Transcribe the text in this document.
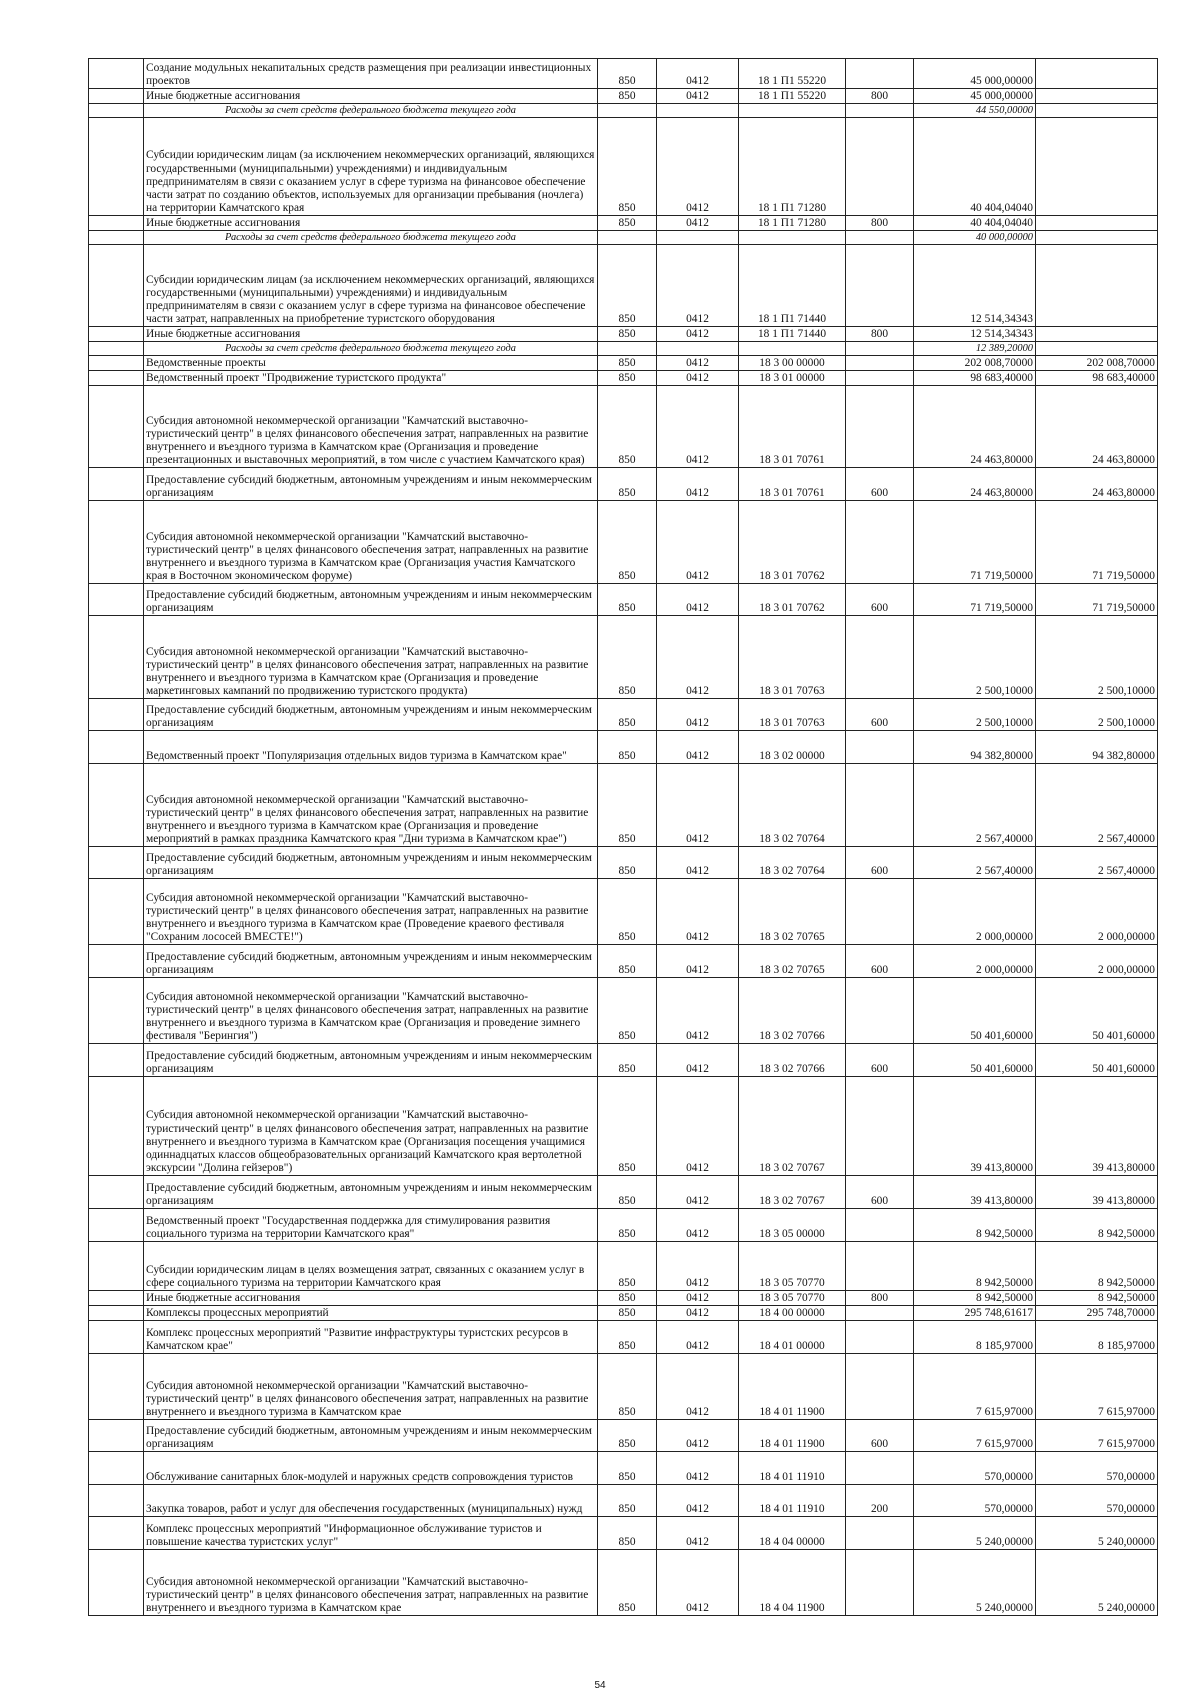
	Создание модульных некапитальных средств размещения при реализации инвестиционных проектов	850	0412	18 1 П1 55220		45 000,00000	
	Иные бюджетные ассигнования	850	0412	18 1 П1 55220	800	45 000,00000	
	Расходы за счет средств федерального бюджета текущего года					44 550,00000	
	Субсидии юридическим лицам (за исключением некоммерческих организаций, являющихся государственными (муниципальными) учреждениями) и индивидуальным предпринимателям в связи с оказанием услуг в сфере туризма на финансовое обеспечение части затрат по созданию объектов, используемых для организации пребывания (ночлега) на территории Камчатского края	850	0412	18 1 П1 71280		40 404,04040	
	Иные бюджетные ассигнования	850	0412	18 1 П1 71280	800	40 404,04040	
	Расходы за счет средств федерального бюджета текущего года					40 000,00000	
	Субсидии юридическим лицам (за исключением некоммерческих организаций, являющихся государственными (муниципальными) учреждениями) и индивидуальным предпринимателям в связи с оказанием услуг в сфере туризма на финансовое обеспечение части затрат, направленных на приобретение туристского оборудования	850	0412	18 1 П1 71440		12 514,34343	
	Иные бюджетные ассигнования	850	0412	18 1 П1 71440	800	12 514,34343	
	Расходы за счет средств федерального бюджета текущего года					12 389,20000	
	Ведомственные проекты	850	0412	18 3 00 00000		202 008,70000	202 008,70000
	Ведомственный проект "Продвижение туристского продукта"	850	0412	18 3 01 00000		98 683,40000	98 683,40000
	Субсидия автономной некоммерческой организации "Камчатский выставочно-туристический центр" в целях финансового обеспечения затрат, направленных на развитие внутреннего и въездного туризма в Камчатском крае (Организация и проведение презентационных и выставочных мероприятий, в том числе с участием Камчатского края)	850	0412	18 3 01 70761		24 463,80000	24 463,80000
	Предоставление субсидий бюджетным, автономным учреждениям и иным некоммерческим организациям	850	0412	18 3 01 70761	600	24 463,80000	24 463,80000
	Субсидия автономной некоммерческой организации "Камчатский выставочно-туристический центр" в целях финансового обеспечения затрат, направленных на развитие внутреннего и въездного туризма в Камчатском крае (Организация участия Камчатского края в Восточном экономическом форуме)	850	0412	18 3 01 70762		71 719,50000	71 719,50000
	Предоставление субсидий бюджетным, автономным учреждениям и иным некоммерческим организациям	850	0412	18 3 01 70762	600	71 719,50000	71 719,50000
	Субсидия автономной некоммерческой организации "Камчатский выставочно-туристический центр" в целях финансового обеспечения затрат, направленных на развитие внутреннего и въездного туризма в Камчатском крае (Организация и проведение маркетинговых кампаний по продвижению туристского продукта)	850	0412	18 3 01 70763		2 500,10000	2 500,10000
	Предоставление субсидий бюджетным, автономным учреждениям и иным некоммерческим организациям	850	0412	18 3 01 70763	600	2 500,10000	2 500,10000
	Ведомственный проект "Популяризация отдельных видов туризма в Камчатском крае"	850	0412	18 3 02 00000		94 382,80000	94 382,80000
	Субсидия автономной некоммерческой организации "Камчатский выставочно-туристический центр" в целях финансового обеспечения затрат, направленных на развитие внутреннего и въездного туризма в Камчатском крае (Организация и проведение мероприятий в рамках праздника Камчатского края "Дни туризма в Камчатском крае")	850	0412	18 3 02 70764		2 567,40000	2 567,40000
	Предоставление субсидий бюджетным, автономным учреждениям и иным некоммерческим организациям	850	0412	18 3 02 70764	600	2 567,40000	2 567,40000
	Субсидия автономной некоммерческой организации "Камчатский выставочно-туристический центр" в целях финансового обеспечения затрат, направленных на развитие внутреннего и въездного туризма в Камчатском крае (Проведение краевого фестиваля "Сохраним лососей ВМЕСТЕ!")	850	0412	18 3 02 70765		2 000,00000	2 000,00000
	Предоставление субсидий бюджетным, автономным учреждениям и иным некоммерческим организациям	850	0412	18 3 02 70765	600	2 000,00000	2 000,00000
	Субсидия автономной некоммерческой организации "Камчатский выставочно-туристический центр" в целях финансового обеспечения затрат, направленных на развитие внутреннего и въездного туризма в Камчатском крае (Организация и проведение зимнего фестиваля "Берингия")	850	0412	18 3 02 70766		50 401,60000	50 401,60000
	Предоставление субсидий бюджетным, автономным учреждениям и иным некоммерческим организациям	850	0412	18 3 02 70766	600	50 401,60000	50 401,60000
	Субсидия автономной некоммерческой организации "Камчатский выставочно-туристический центр" в целях финансового обеспечения затрат, направленных на развитие внутреннего и въездного туризма в Камчатском крае (Организация посещения учащимися одиннадцатых классов общеобразовательных организаций Камчатского края вертолетной экскурсии "Долина гейзеров")	850	0412	18 3 02 70767		39 413,80000	39 413,80000
	Предоставление субсидий бюджетным, автономным учреждениям и иным некоммерческим организациям	850	0412	18 3 02 70767	600	39 413,80000	39 413,80000
	Ведомственный проект "Государственная поддержка для стимулирования развития социального туризма на территории Камчатского края"	850	0412	18 3 05 00000		8 942,50000	8 942,50000
	Субсидии юридическим лицам в целях возмещения затрат, связанных с оказанием услуг в сфере социального туризма на территории Камчатского края	850	0412	18 3 05 70770		8 942,50000	8 942,50000
	Иные бюджетные ассигнования	850	0412	18 3 05 70770	800	8 942,50000	8 942,50000
	Комплексы процессных мероприятий	850	0412	18 4 00 00000		295 748,61617	295 748,70000
	Комплекс процессных мероприятий "Развитие инфраструктуры туристских ресурсов в Камчатском крае"	850	0412	18 4 01 00000		8 185,97000	8 185,97000
	Субсидия автономной некоммерческой организации "Камчатский выставочно-туристический центр" в целях финансового обеспечения затрат, направленных на развитие внутреннего и въездного туризма в Камчатском крае	850	0412	18 4 01 11900		7 615,97000	7 615,97000
	Предоставление субсидий бюджетным, автономным учреждениям и иным некоммерческим организациям	850	0412	18 4 01 11900	600	7 615,97000	7 615,97000
	Обслуживание санитарных блок-модулей и наружных средств сопровождения туристов	850	0412	18 4 01 11910		570,00000	570,00000
	Закупка товаров, работ и услуг для обеспечения государственных (муниципальных) нужд	850	0412	18 4 01 11910	200	570,00000	570,00000
	Комплекс процессных мероприятий "Информационное обслуживание туристов и повышение качества туристских услуг"	850	0412	18 4 04 00000		5 240,00000	5 240,00000
	Субсидия автономной некоммерческой организации "Камчатский выставочно-туристический центр" в целях финансового обеспечения затрат, направленных на развитие внутреннего и въездного туризма в Камчатском крае	850	0412	18 4 04 11900		5 240,00000	5 240,00000
54
